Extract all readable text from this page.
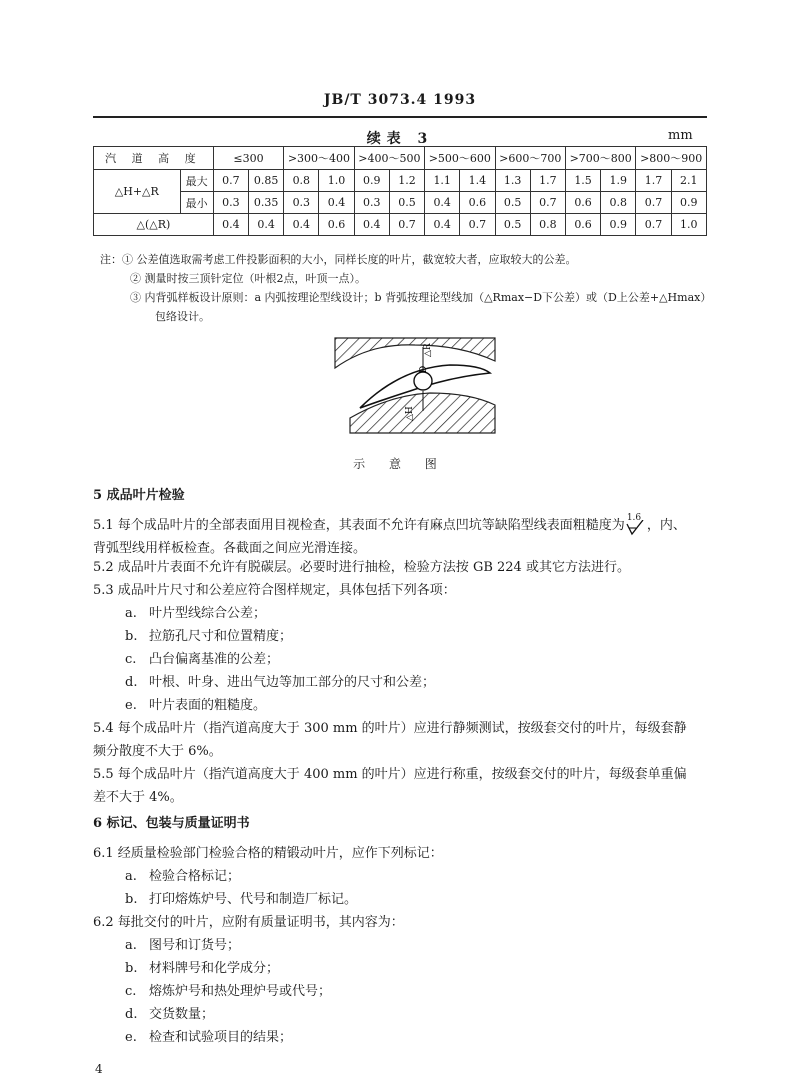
JB/T 3073.4 1993
续表 3	mm
汽 道 高 度		≤300		>300～400		>400～500		>500～600		>600～700		>700～800		>800～900	
△H+△R	最大	0.7	0.85	0.8	1.0	0.9	1.2	1.1	1.4	1.3	1.7	1.5	1.9	1.7	2.1
	最小	0.3	0.35	0.3	0.4	0.3	0.5	0.4	0.6	0.5	0.7	0.6	0.8	0.7	0.9
△(△R)		0.4	0.4	0.4	0.6	0.4	0.7	0.4	0.7	0.5	0.8	0.6	0.9	0.7	1.0
注：① 公差值选取需考虑工件投影面积的大小，同样长度的叶片，截宽较大者，应取较大的公差。
② 测量时按三顶针定位（叶根2点，叶顶一点）。
③ 内背弧样板设计原则：a 内弧按理论型线设计；b 背弧按理论型线加（△Rmax−D下公差）或（D上公差+△Hmax）
包络设计。
△R
D
△H
示 意 图
5 成品叶片检验
5.1 每个成品叶片的全部表面用目视检查，其表面不允许有麻点凹坑等缺陷型线表面粗糙度为
1.6
，内、
背弧型线用样板检查。各截面之间应光滑连接。
5.2 成品叶片表面不允许有脱碳层。必要时进行抽检，检验方法按 GB 224 或其它方法进行。
5.3 成品叶片尺寸和公差应符合图样规定，具体包括下列各项：
a. 叶片型线综合公差；
b. 拉筋孔尺寸和位置精度；
c. 凸台偏离基准的公差；
d. 叶根、叶身、进出气边等加工部分的尺寸和公差；
e. 叶片表面的粗糙度。
5.4 每个成品叶片（指汽道高度大于 300 mm 的叶片）应进行静频测试，按级套交付的叶片，每级套静
频分散度不大于 6%。
5.5 每个成品叶片（指汽道高度大于 400 mm 的叶片）应进行称重，按级套交付的叶片，每级套单重偏
差不大于 4%。
6 标记、包装与质量证明书
6.1 经质量检验部门检验合格的精锻动叶片，应作下列标记：
a. 检验合格标记；
b. 打印熔炼炉号、代号和制造厂标记。
6.2 每批交付的叶片，应附有质量证明书，其内容为：
a. 图号和订货号；
b. 材料牌号和化学成分；
c. 熔炼炉号和热处理炉号或代号；
d. 交货数量；
e. 检查和试验项目的结果；
4
